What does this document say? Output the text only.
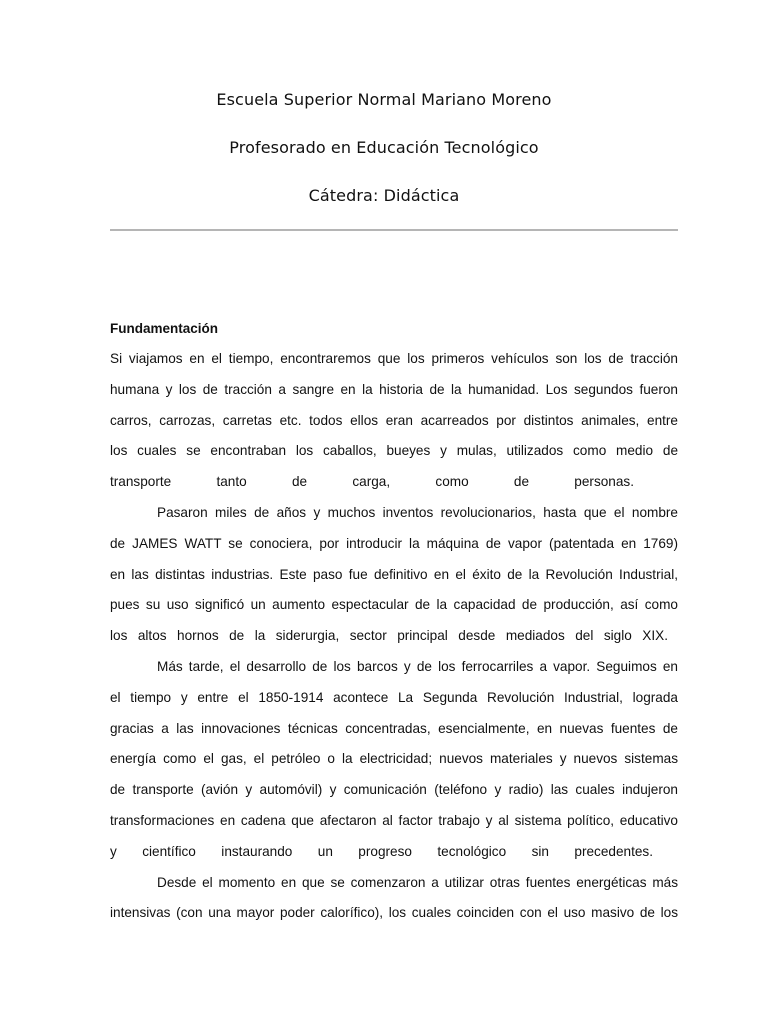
Escuela Superior Normal Mariano Moreno
Profesorado en Educación Tecnológico
Cátedra: Didáctica
Fundamentación
Si viajamos en el tiempo, encontraremos que los primeros vehículos son los de tracción
humana y los de tracción a sangre en la historia de la humanidad. Los segundos fueron
carros, carrozas, carretas etc. todos ellos eran acarreados por distintos animales, entre
los cuales se encontraban los caballos, bueyes y mulas, utilizados como medio de
transporte tanto de carga, como de personas.
Pasaron miles de años y muchos inventos revolucionarios, hasta que el nombre
de JAMES WATT se conociera, por introducir la máquina de vapor (patentada en 1769)
en las distintas industrias. Este paso fue definitivo en el éxito de la Revolución Industrial,
pues su uso significó un aumento espectacular de la capacidad de producción, así como
los altos hornos de la siderurgia, sector principal desde mediados del siglo XIX.
Más tarde, el desarrollo de los barcos y de los ferrocarriles a vapor. Seguimos en
el tiempo y entre el 1850-1914 acontece La Segunda Revolución Industrial, lograda
gracias a las innovaciones técnicas concentradas, esencialmente, en nuevas fuentes de
energía como el gas, el petróleo o la electricidad; nuevos materiales y nuevos sistemas
de transporte (avión y automóvil) y comunicación (teléfono y radio) las cuales indujeron
transformaciones en cadena que afectaron al factor trabajo y al sistema político, educativo
y científico instaurando un progreso tecnológico sin precedentes.
Desde el momento en que se comenzaron a utilizar otras fuentes energéticas más
intensivas (con una mayor poder calorífico), los cuales coinciden con el uso masivo de los
